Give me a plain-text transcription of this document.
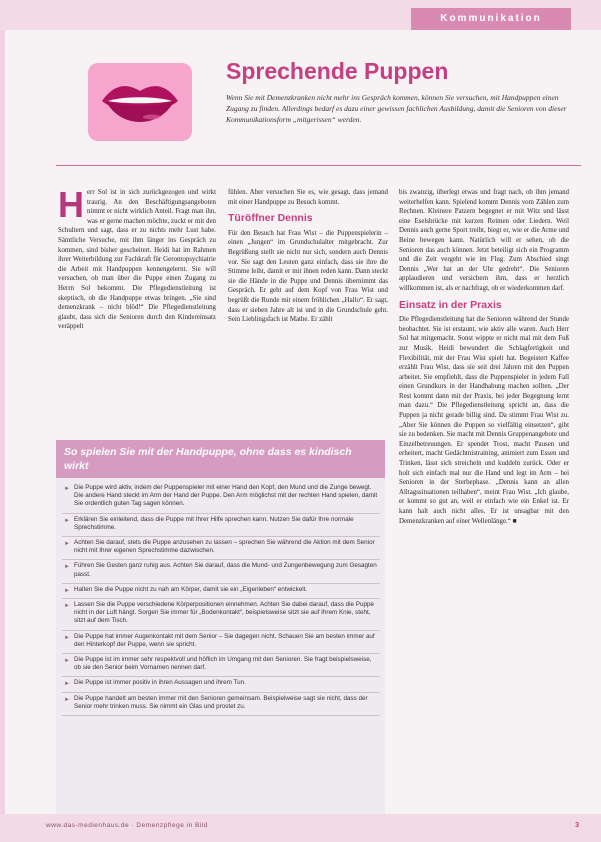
Kommunikation
Sprechende Puppen
Wenn Sie mit Demenzkranken nicht mehr ins Gespräch kommen, können Sie versuchen, mit Handpuppen einen Zugang zu finden. Allerdings bedarf es dazu einer gewissen fachlichen Ausbildung, damit die Senioren von dieser Kommunikationsform „mitgerissen“ werden.
H err Sol ist in sich zurückgezogen und wirkt traurig. An den Beschäftigungsangeboten nimmt er nicht wirklich Anteil. Fragt man ihn, was er gerne machen möchte, zuckt er mit den Schultern und sagt, dass er zu nichts mehr Lust habe. Sämtliche Versuche, mit ihm länger ins Gespräch zu kommen, sind bisher gescheitert. Heidi hat im Rahmen ihrer Weiterbildung zur Fachkraft für Gerontopsychiatrie die Arbeit mit Handpuppen kennengelernt. Sie will versuchen, ob man über die Puppe einen Zugang zu Herrn Sol bekommt. Die Pflegedienstleitung ist skeptisch, ob die Handpuppe etwas bringen. „Sie sind demenzkrank – nicht blöd!“ Die Pflegedienstleitung glaubt, dass sich die Senioren durch den Kindereinsatz veräppelt

fühlen. Aber versuchen Sie es, wie gesagt, dass jemand mit einer Handpuppe zu Besuch kommt.

Türöffner Dennis

Für den Besuch hat Frau Wist – die Puppenspielerin – einen „Jungen“ im Grundschulalter mitgebracht. Zur Begrüßung stellt sie nicht nur sich, sondern auch Dennis vor. Sie sagt den Leuten ganz einfach, dass sie ihre die Stimme leiht, damit er mit ihnen reden kann. Dann steckt sie die Hände in die Puppe und Dennis übernimmt das Gespräch. Er geht auf dem Kopf von Frau Wist und begrüßt die Runde mit einem fröhlichen „Hallo“. Er sagt, dass er sieben Jahre alt ist und in die Grundschule geht. Sein Lieblingsfach ist Mathe. Er zählt

bis zwanzig, überlegt etwas und fragt nach, ob ihm jemand weiterhelfen kann. Spielend kommt Dennis vom Zählen zum Rechnen. Kleinere Patzern begegnet er mit Witz und lässt eine Eselsbrücke mit kurzen Reimen oder Liedern. Weil Dennis auch gerne Sport treibt, biegt er, wie er die Arme und Beine bewegen kann. Natürlich will er sehen, ob die Senioren das auch können. Jetzt beteiligt sich ein Programm und die Zeit vergeht wie im Flug. Zum Abschied singt Dennis „Wer hat an der Uhr gedreht“. Die Senioren applaudieren und versichern ihm, dass er herzlich willkommen ist, als er nachfragt, ob er wiederkommen darf.

Einsatz in der Praxis

Die Pflegedienstleitung hat die Senioren während der Stunde beobachtet. Sie ist erstaunt, wie aktiv alle waren. Auch Herr Sol hat mitgemacht. Sonst wippte er nicht mal mit dem Fuß zur Musik. Heidi bewundert die Schlagfertigkeit und Flexibilität, mit der Frau Wist spielt hat. Begeistert Kaffee erzählt Frau Wist, dass sie seit drei Jahren mit den Puppen arbeitet. Sie empfiehlt, dass die Puppenspieler in jedem Fall einen Grundkurs in der Handhabung machen sollten. „Der Rest kommt dann mit der Praxis, bei jeder Begegnung lernt man dazu.“ Die Pflegedienstleitung spricht an, dass die Puppen ja nicht gerade billig sind. Da stimmt Frau Wist zu. „Aber Sie können die Puppen so vielfältig einsetzen“, gibt sie zu bedenken. Sie macht mit Dennis Gruppenangebote und Einzelbetreuungen. Er spendet Trost, macht Pausen und erheitert, macht Gedächtnistraining, animiert zum Essen und Trinken, lässt sich streicheln und kuddeln zurück. Oder er holt sich einfach mal nur die Hand und legt im Arm – bei Senioren in der Sterbephase. „Dennis kann an allen Alltagssituationen teilhaben“, meint Frau Wist. „Ich glaube, er kommt so gut an, weil er einfach wie ein Enkel ist. Er kann halt auch nicht alles. Er ist unsagbar mit den Demenzkranken auf einer Wellenlänge.“ ■

So spielen Sie mit der Handpuppe, ohne dass es kindisch wirkt
► Die Puppe wird aktiv, indem der Puppenspieler mit einer Hand den Kopf, den Mund und die Zunge bewegt. Die andere Hand steckt im Arm der Hand der Puppe. Den Arm möglichst mit der rechten Hand spielen, damit Sie ordentlich guten Tag sagen können.
► Erklären Sie einleitend, dass die Puppe mit Ihrer Hilfe sprechen kann. Nutzen Sie dafür Ihre normale Sprechstimme.
► Achten Sie darauf, stets die Puppe anzusehen zu lassen – sprechen Sie während die Aktion mit dem Senior nicht mit Ihrer eigenen Sprechstimme dazwischen.
► Führen Sie Gesten ganz ruhig aus. Achten Sie darauf, dass die Mund- und Zungenbewegung zum Gesagten passt.
► Halten Sie die Puppe nicht zu nah am Körper, damit sie ein „Eigenleben“ entwickelt.
► Lassen Sie die Puppe verschiedene Körperpositionen einnehmen. Achten Sie dabei darauf, dass die Puppe nicht in der Luft hängt. Sorgen Sie immer für „Bodenkontakt“, beispielsweise sitzt sie auf Ihrem Knie, steht, sitzt auf dem Tisch.
► Die Puppe hat immer Augenkontakt mit dem Senior – Sie dagegen nicht. Schauen Sie am besten immer auf den Hinterkopf der Puppe, wenn sie spricht.
► Die Puppe ist im immer sehr respektvoll und höflich im Umgang mit den Senioren. Sie fragt beispielsweise, ob sie den Senior beim Vornamen nennen darf.
► Die Puppe ist immer positiv in ihren Aussagen und ihrem Tun.
► Die Puppe handelt am besten immer mit den Senioren gemeinsam. Beispielweise sagt sie nicht, dass der Senior mehr trinken muss. Sie nimmt ein Glas und prostet zu.
www.das-medienhaus.de · Demenzpflege in Bild	3
